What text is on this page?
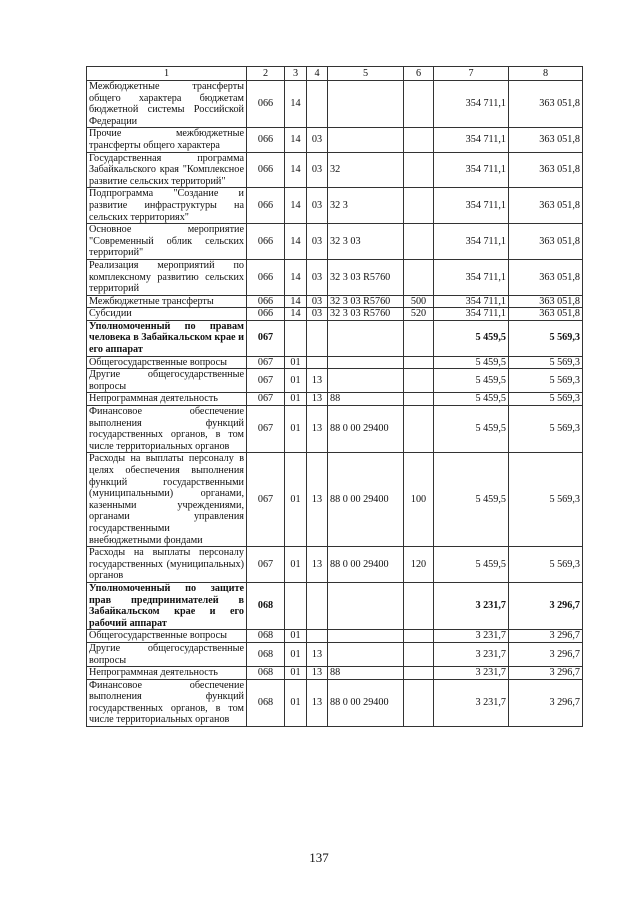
1	2	3	4	5	6	7	8
Межбюджетные трансферты общего характера бюджетам бюджетной системы Российской Федерации	066	14				354 711,1	363 051,8
Прочие межбюджетные трансферты общего характера	066	14	03			354 711,1	363 051,8
Государственная программа Забайкальского края "Комплексное развитие сельских территорий"	066	14	03	32		354 711,1	363 051,8
Подпрограмма "Создание и развитие инфраструктуры на сельских территориях"	066	14	03	32 3		354 711,1	363 051,8
Основное мероприятие "Современный облик сельских территорий"	066	14	03	32 3 03		354 711,1	363 051,8
Реализация мероприятий по комплексному развитию сельских территорий	066	14	03	32 3 03 R5760		354 711,1	363 051,8
Межбюджетные трансферты	066	14	03	32 3 03 R5760	500	354 711,1	363 051,8
Субсидии	066	14	03	32 3 03 R5760	520	354 711,1	363 051,8
Уполномоченный по правам человека в Забайкальском крае и его аппарат	067					5 459,5	5 569,3
Общегосударственные вопросы	067	01				5 459,5	5 569,3
Другие общегосударственные вопросы	067	01	13			5 459,5	5 569,3
Непрограммная деятельность	067	01	13	88		5 459,5	5 569,3
Финансовое обеспечение выполнения функций государственных органов, в том числе территориальных органов	067	01	13	88 0 00 29400		5 459,5	5 569,3
Расходы на выплаты персоналу в целях обеспечения выполнения функций государственными (муниципальными) органами, казенными учреждениями, органами управления государственными внебюджетными фондами	067	01	13	88 0 00 29400	100	5 459,5	5 569,3
Расходы на выплаты персоналу государственных (муниципальных) органов	067	01	13	88 0 00 29400	120	5 459,5	5 569,3
Уполномоченный по защите прав предпринимателей в Забайкальском крае и его рабочий аппарат	068					3 231,7	3 296,7
Общегосударственные вопросы	068	01				3 231,7	3 296,7
Другие общегосударственные вопросы	068	01	13			3 231,7	3 296,7
Непрограммная деятельность	068	01	13	88		3 231,7	3 296,7
Финансовое обеспечение выполнения функций государственных органов, в том числе территориальных органов	068	01	13	88 0 00 29400		3 231,7	3 296,7
137
